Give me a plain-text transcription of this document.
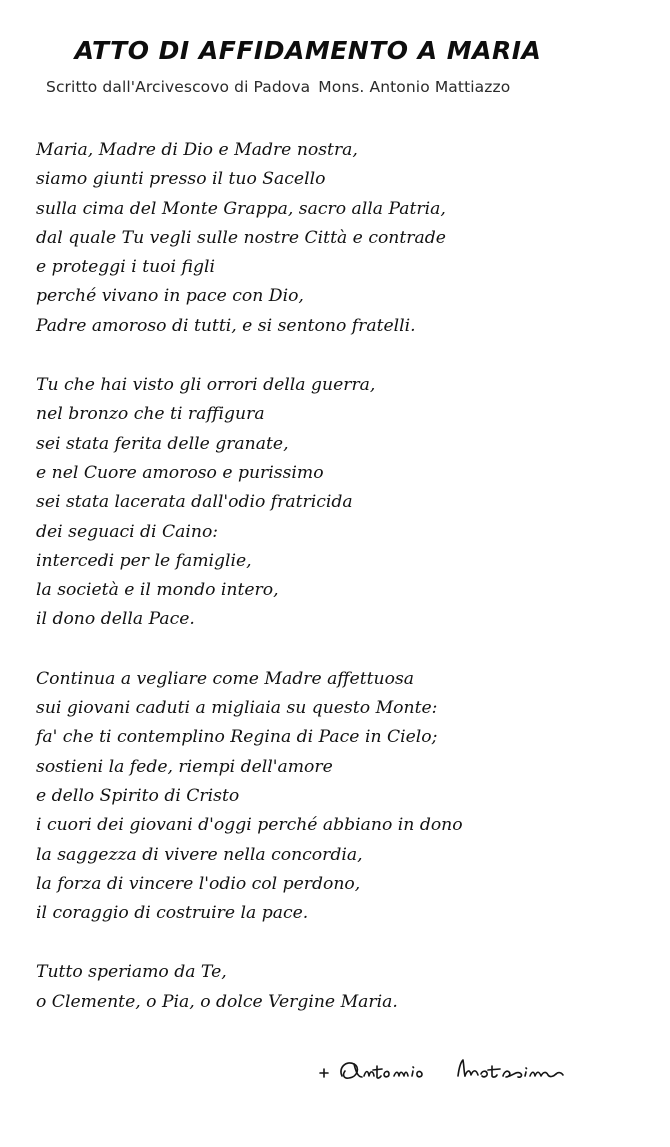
ATTO DI AFFIDAMENTO A MARIA
Scritto dall'Arcivescovo di Padova Mons. Antonio Mattiazzo
Maria, Madre di Dio e Madre nostra,
siamo giunti presso il tuo Sacello
sulla cima del Monte Grappa, sacro alla Patria,
dal quale Tu vegli sulle nostre Città e contrade
e proteggi i tuoi figli
perché vivano in pace con Dio,
Padre amoroso di tutti, e si sentono fratelli.
Tu che hai visto gli orrori della guerra,
nel bronzo che ti raffigura
sei stata ferita delle granate,
e nel Cuore amoroso e purissimo
sei stata lacerata dall'odio fratricida
dei seguaci di Caino:
intercedi per le famiglie,
la società e il mondo intero,
il dono della Pace.
Continua a vegliare come Madre affettuosa
sui giovani caduti a migliaia su questo Monte:
fa' che ti contemplino Regina di Pace in Cielo;
sostieni la fede, riempi dell'amore
e dello Spirito di Cristo
i cuori dei giovani d'oggi perché abbiano in dono
la saggezza di vivere nella concordia,
la forza di vincere l'odio col perdono,
il coraggio di costruire la pace.
Tutto speriamo da Te,
o Clemente, o Pia, o dolce Vergine Maria.
